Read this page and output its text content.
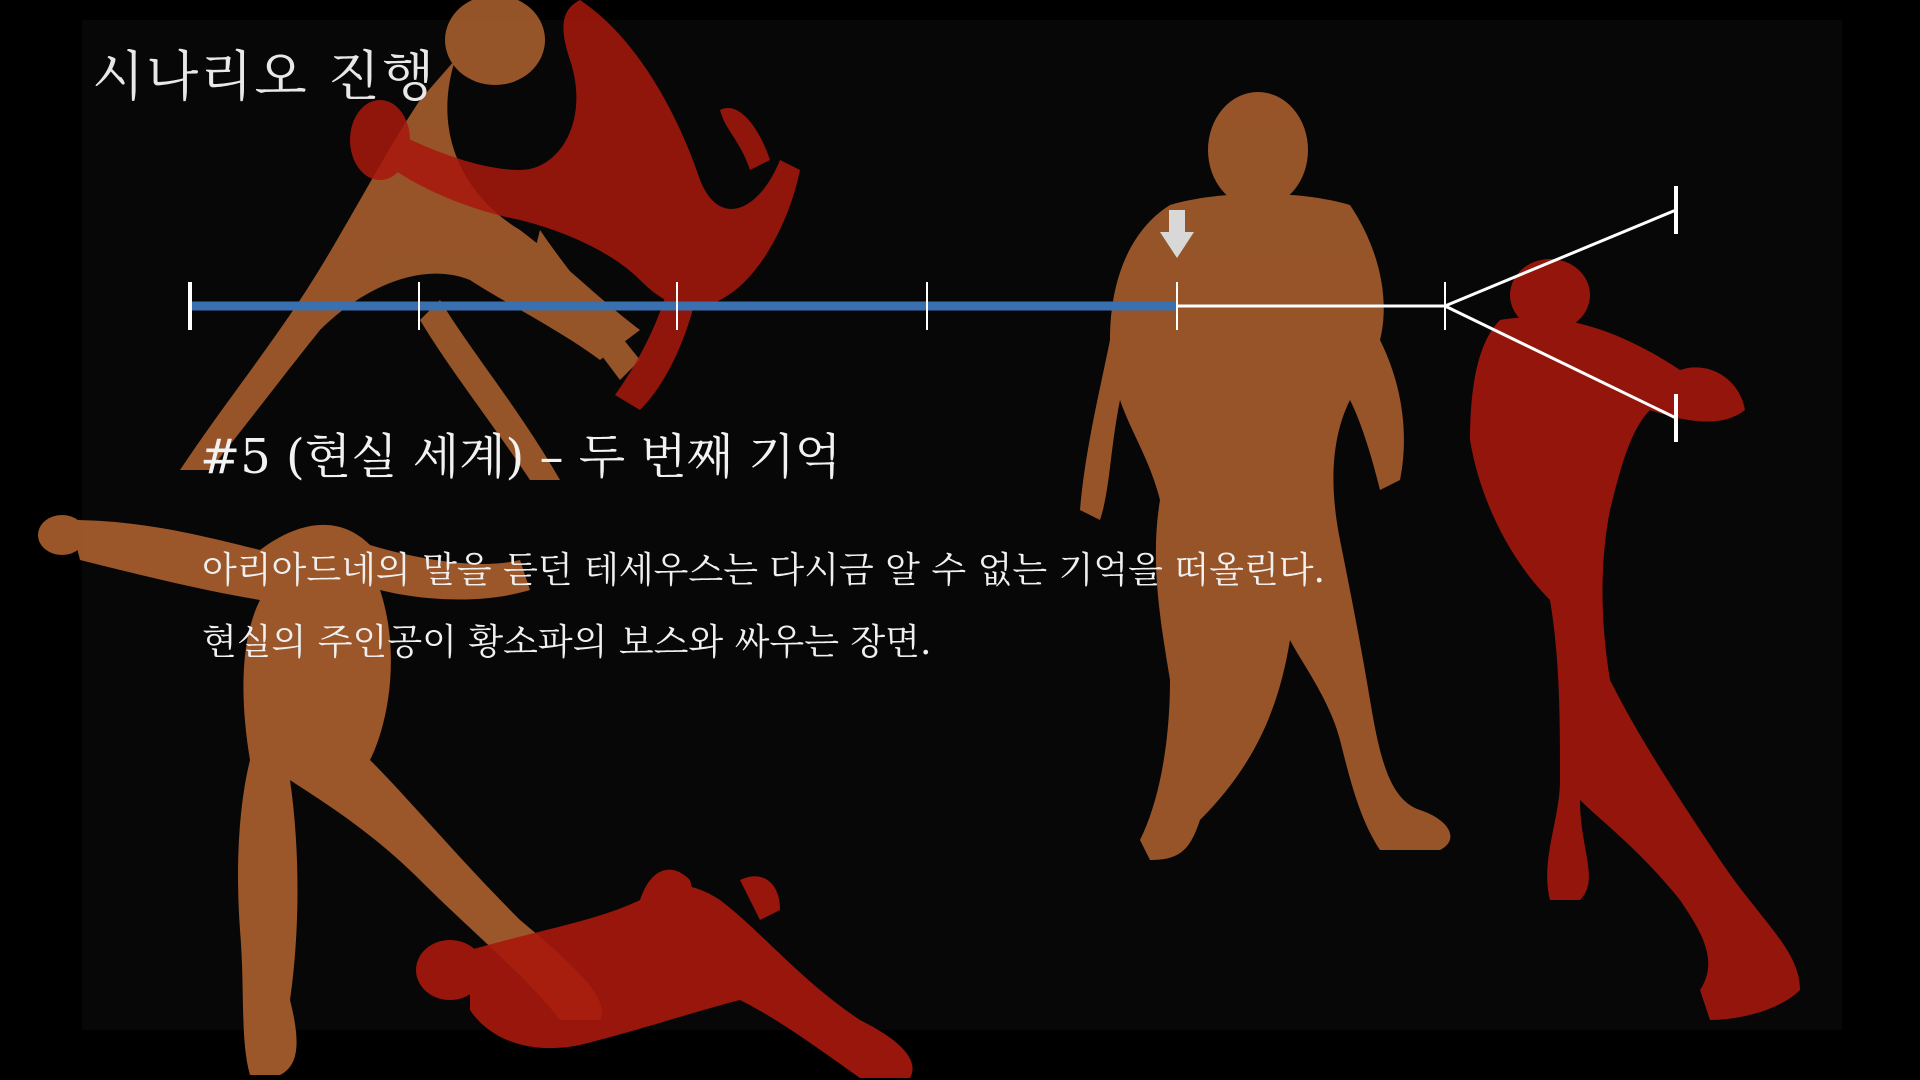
시나리오 진행
#5 (현실 세계) – 두 번째 기억

아리아드네의 말을 듣던 테세우스는 다시금 알 수 없는 기억을 떠올린다.

현실의 주인공이 황소파의 보스와 싸우는 장면.
